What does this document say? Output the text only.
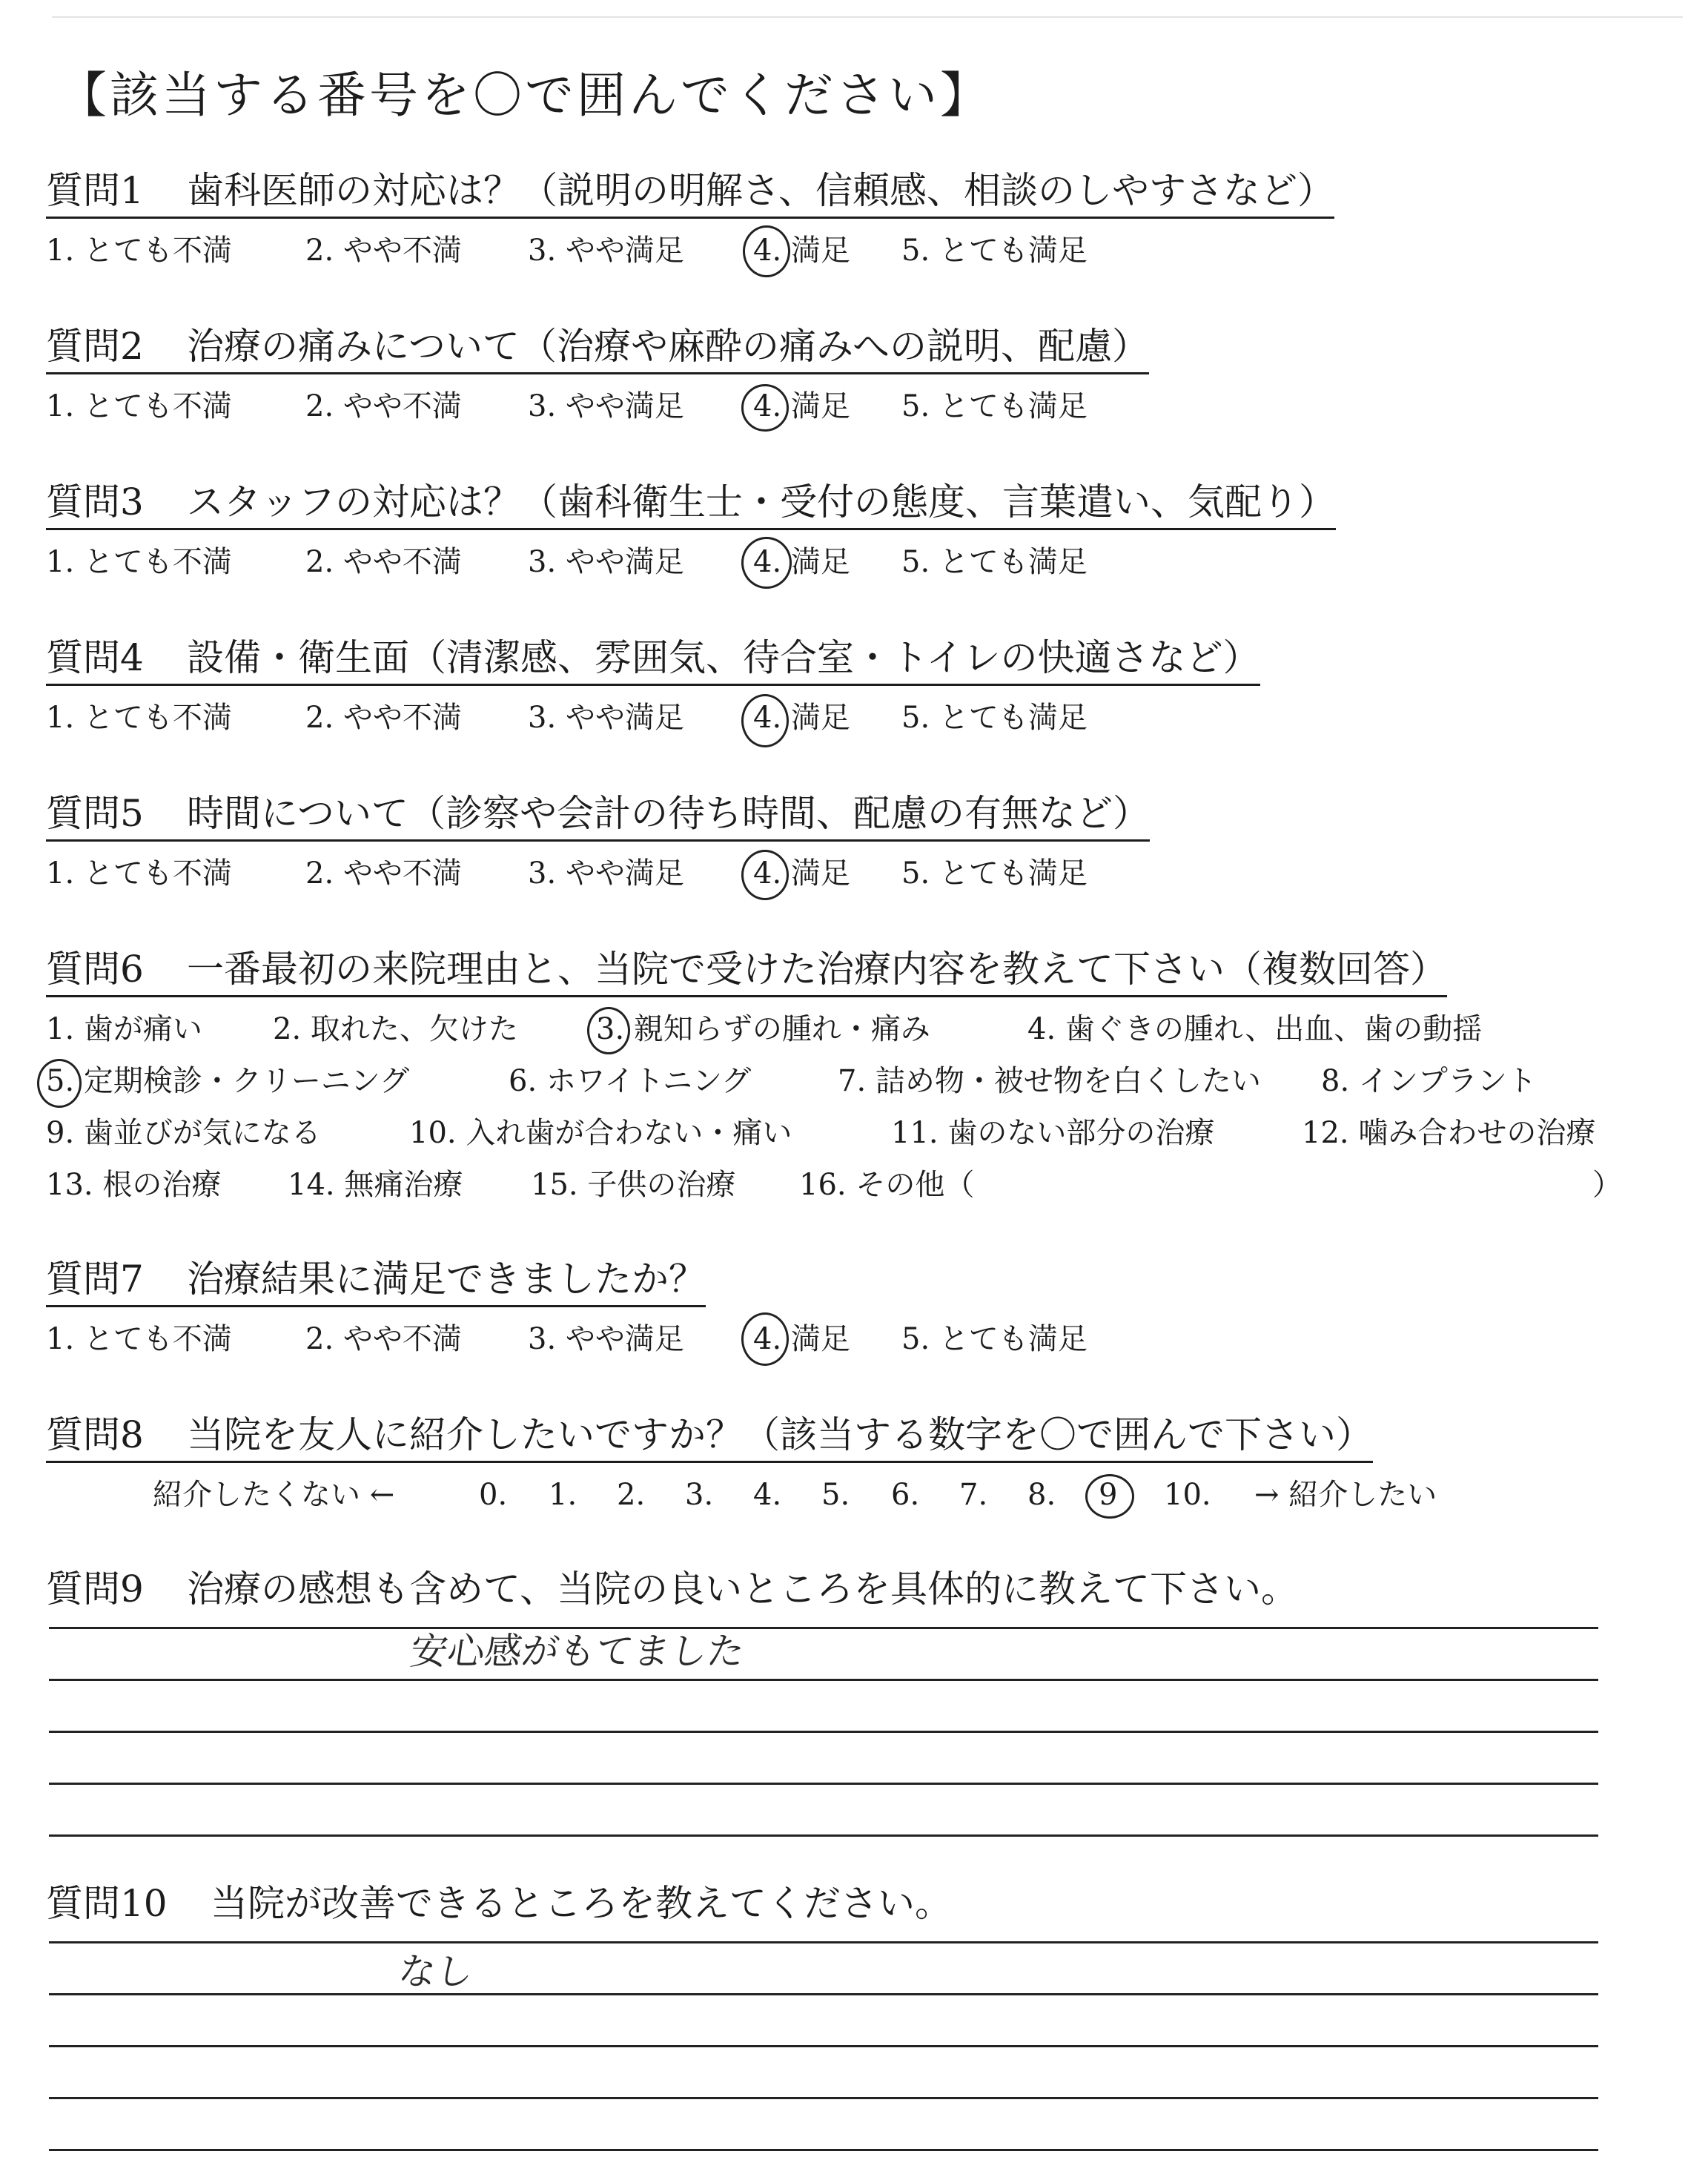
【該当する番号を〇で囲んでください】
質問1 歯科医師の対応は？（説明の明解さ、信頼感、相談のしやすさなど）
1. とても不満 2. やや不満 3. やや満足 4. 満足 5. とても満足
質問2 治療の痛みについて（治療や麻酔の痛みへの説明、配慮）
1. とても不満 2. やや不満 3. やや満足 4. 満足 5. とても満足
質問3 スタッフの対応は？（歯科衛生士・受付の態度、言葉遣い、気配り）
1. とても不満 2. やや不満 3. やや満足 4. 満足 5. とても満足
質問4 設備・衛生面（清潔感、雰囲気、待合室・トイレの快適さなど）
1. とても不満 2. やや不満 3. やや満足 4. 満足 5. とても満足
質問5 時間について（診察や会計の待ち時間、配慮の有無など）
1. とても不満 2. やや不満 3. やや満足 4. 満足 5. とても満足
質問6 一番最初の来院理由と、当院で受けた治療内容を教えて下さい（複数回答）
1. 歯が痛い 2. 取れた、欠けた	3. 親知らずの腫れ・痛み	4. 歯ぐきの腫れ、出血、歯の動揺
5. 定期検診・クリーニング	6. ホワイトニング	7. 詰め物・被せ物を白くしたい 8. インプラント
9. 歯並びが気になる	10. 入れ歯が合わない・痛い	11. 歯のない部分の治療	12. 噛み合わせの治療
13. 根の治療 14. 無痛治療 15. 子供の治療 16. その他（	）
質問7 治療結果に満足できましたか？
1. とても不満 2. やや不満 3. やや満足 4. 満足 5. とても満足
質問8 当院を友人に紹介したいですか？（該当する数字を〇で囲んで下さい）
紹介したくない ←	0. 1. 2. 3. 4. 5. 6. 7. 8. 9 10. → 紹介したい
質問9 治療の感想も含めて、当院の良いところを具体的に教えて下さい。
安心感がもてました
質問10 当院が改善できるところを教えてください。
なし
